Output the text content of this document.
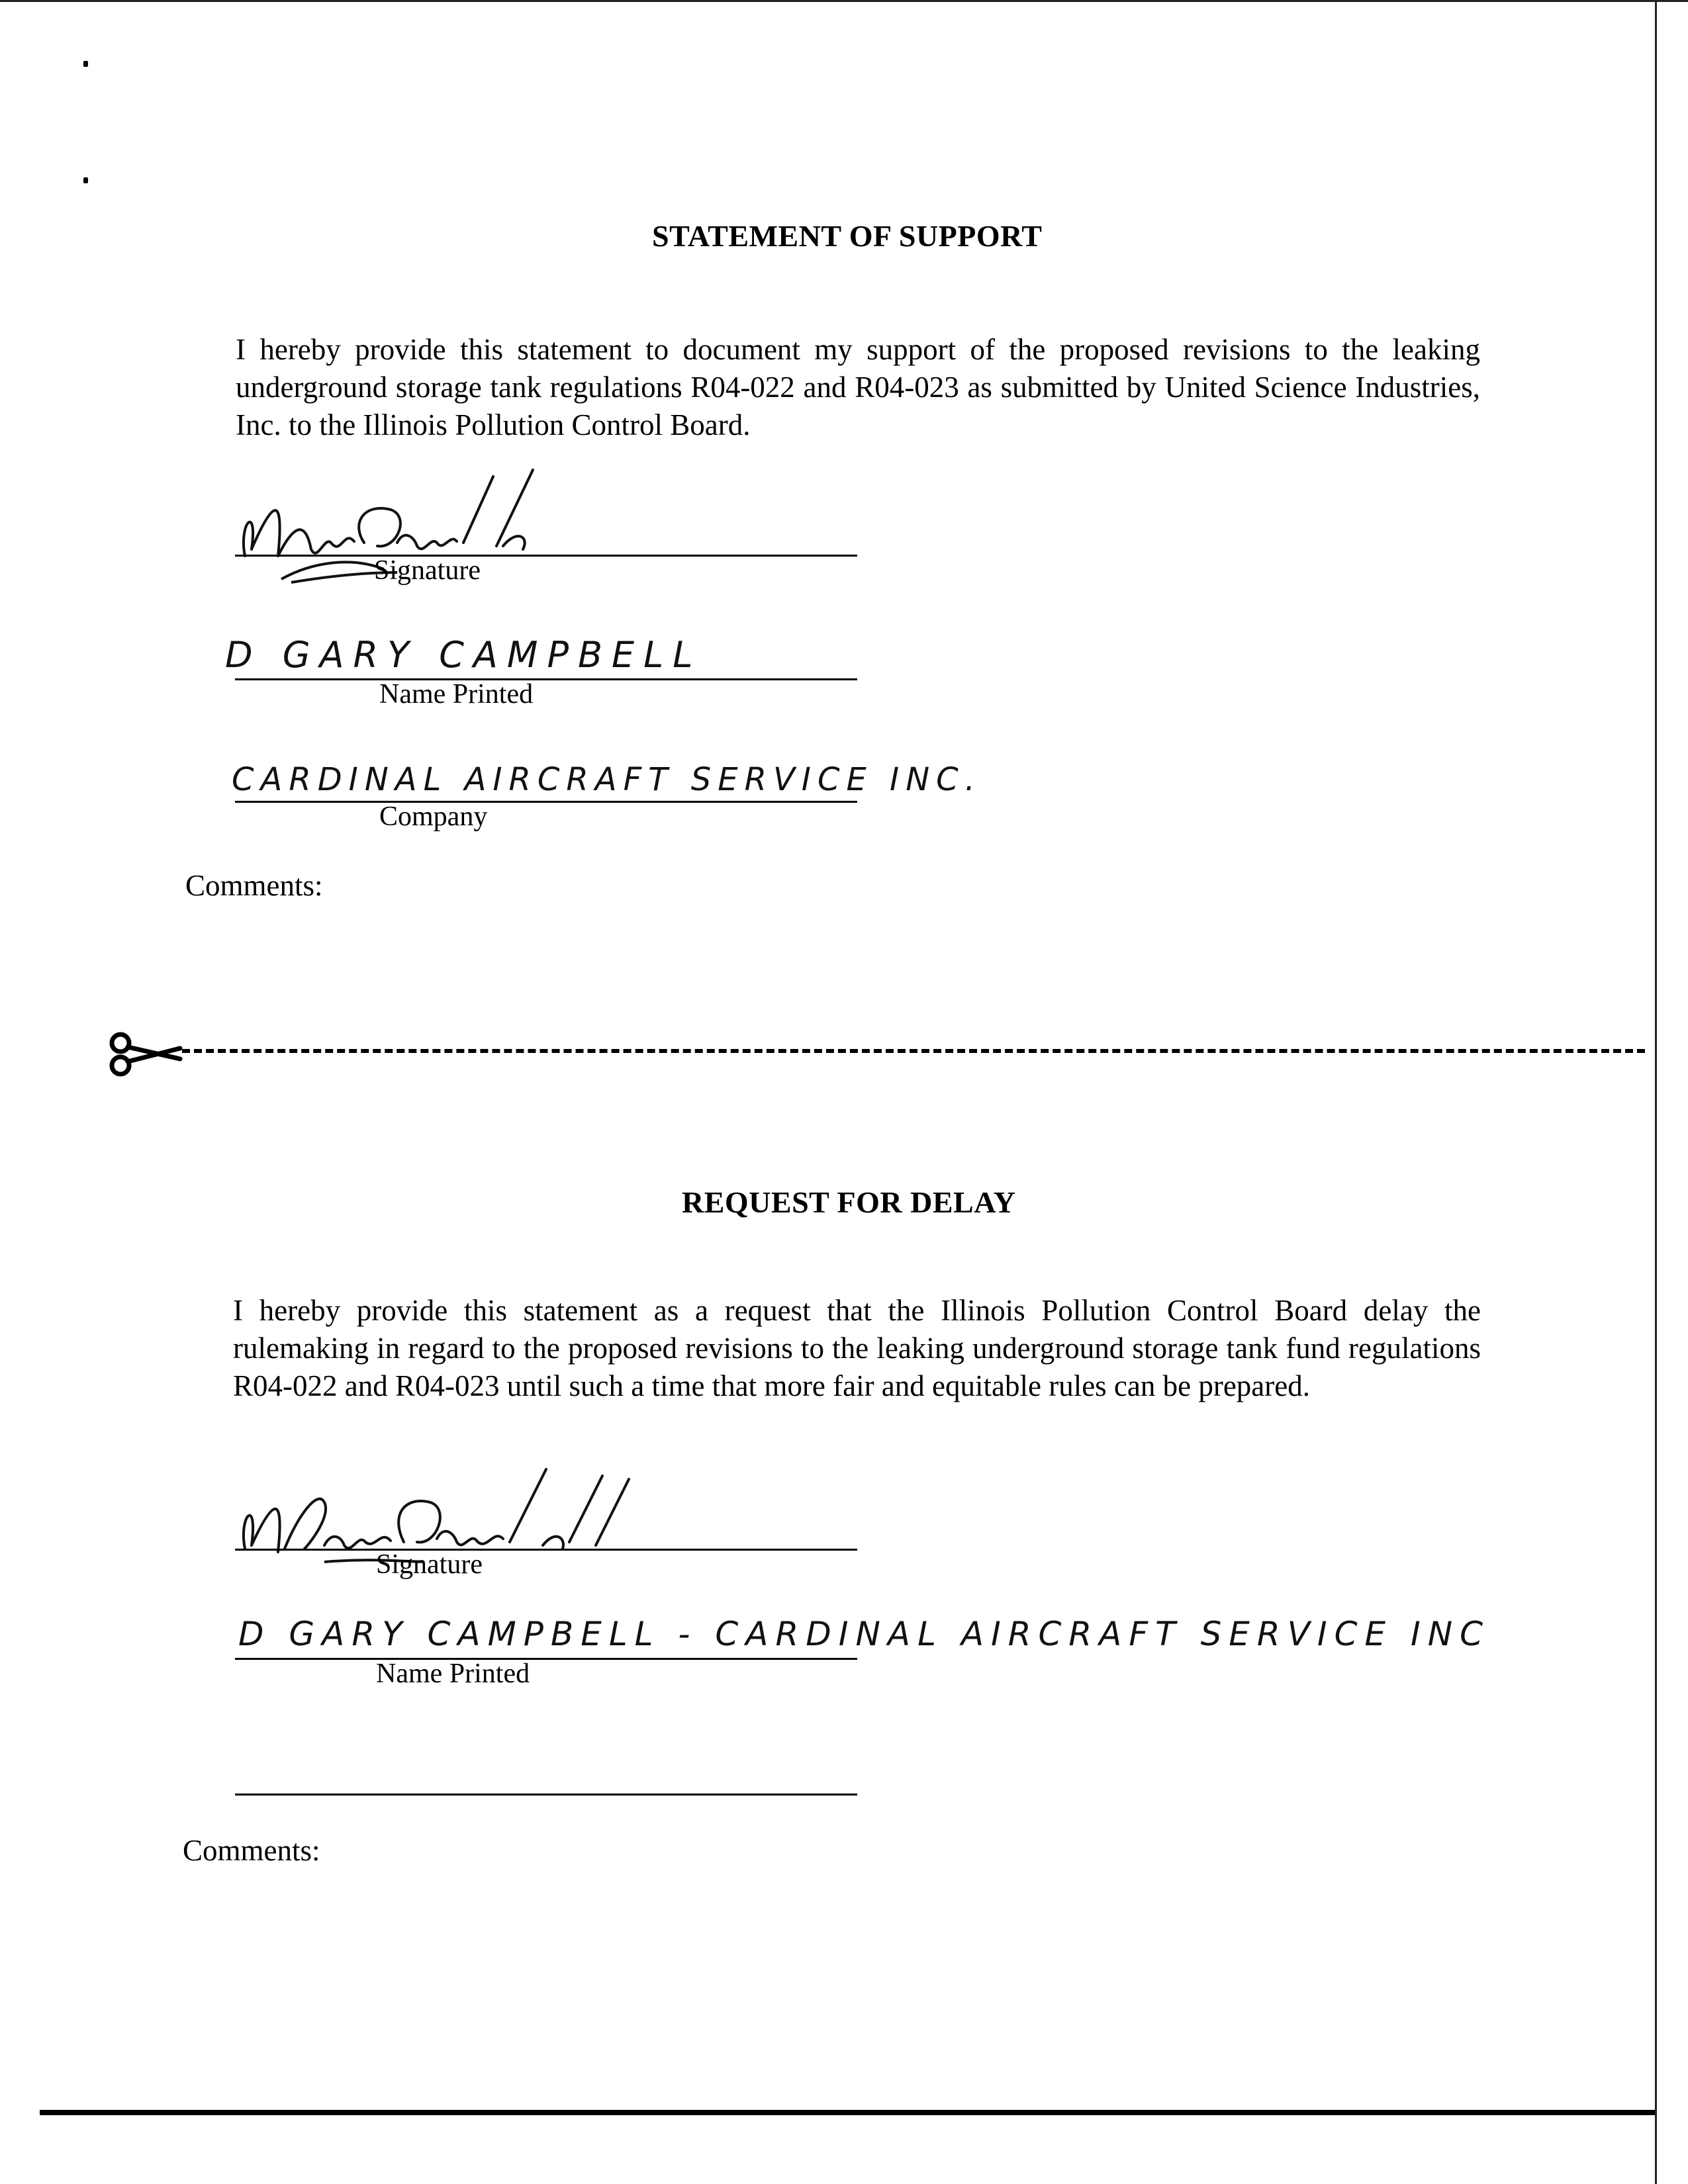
STATEMENT OF SUPPORT
I hereby provide this statement to document my support of the proposed revisions to the leaking underground storage tank regulations R04-022 and R04-023 as submitted by United Science Industries, Inc. to the Illinois Pollution Control Board.
Signature
D GARY CAMPBELL
Name Printed
CARDINAL AIRCRAFT SERVICE INC.
Company
Comments:
REQUEST FOR DELAY
I hereby provide this statement as a request that the Illinois Pollution Control Board delay the rulemaking in regard to the proposed revisions to the leaking underground storage tank fund regulations R04-022 and R04-023 until such a time that more fair and equitable rules can be prepared.
Signature
D GARY CAMPBELL - CARDINAL AIRCRAFT SERVICE INC
Name Printed
Comments:
